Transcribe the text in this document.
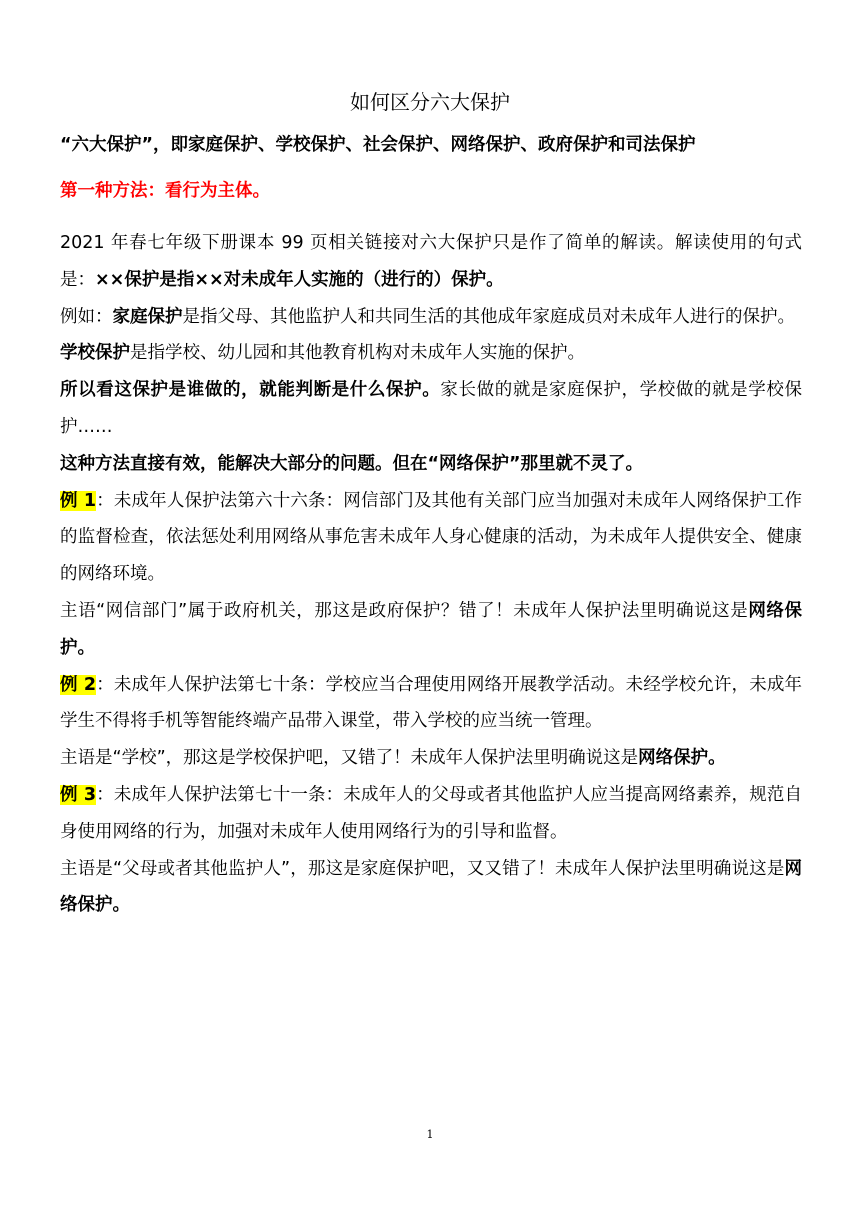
如何区分六大保护
“六大保护”，即家庭保护、学校保护、社会保护、网络保护、政府保护和司法保护
第一种方法：看行为主体。

2021 年春七年级下册课本 99 页相关链接对六大保护只是作了简单的解读。解读使用的句式是：××保护是指××对未成年人实施的（进行的）保护。

例如：家庭保护是指父母、其他监护人和共同生活的其他成年家庭成员对未成年人进行的保护。

学校保护是指学校、幼儿园和其他教育机构对未成年人实施的保护。

所以看这保护是谁做的，就能判断是什么保护。家长做的就是家庭保护，学校做的就是学校保护……

这种方法直接有效，能解决大部分的问题。但在“网络保护”那里就不灵了。

例 1：未成年人保护法第六十六条：网信部门及其他有关部门应当加强对未成年人网络保护工作的监督检查，依法惩处利用网络从事危害未成年人身心健康的活动，为未成年人提供安全、健康的网络环境。

主语“网信部门”属于政府机关，那这是政府保护？错了！未成年人保护法里明确说这是网络保护。

例 2：未成年人保护法第七十条：学校应当合理使用网络开展教学活动。未经学校允许，未成年学生不得将手机等智能终端产品带入课堂，带入学校的应当统一管理。

主语是“学校”，那这是学校保护吧，又错了！未成年人保护法里明确说这是网络保护。

例 3：未成年人保护法第七十一条：未成年人的父母或者其他监护人应当提高网络素养，规范自身使用网络的行为，加强对未成年人使用网络行为的引导和监督。

主语是“父母或者其他监护人”，那这是家庭保护吧，又又错了！未成年人保护法里明确说这是网络保护。

1
